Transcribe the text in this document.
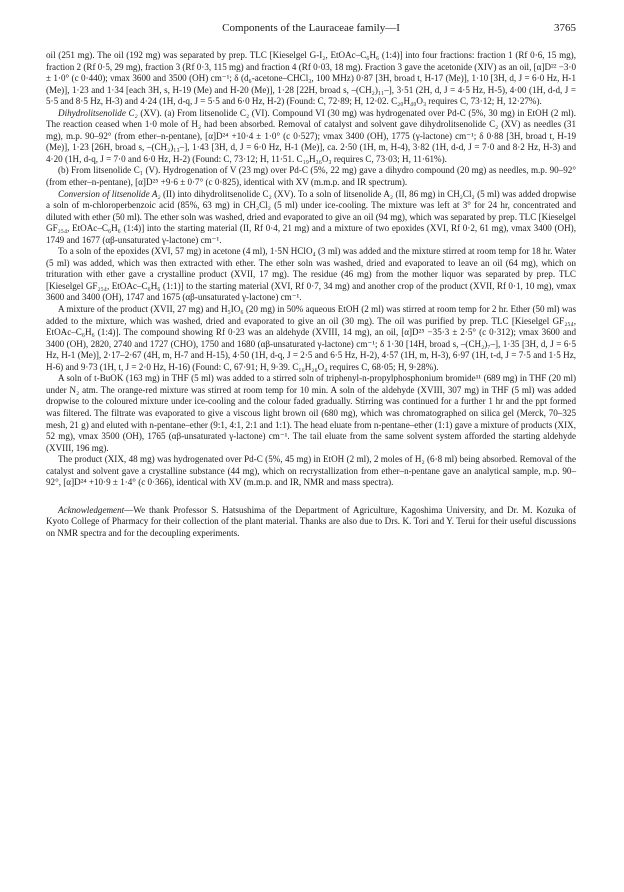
Components of the Lauraceae family—I	3765

oil (251 mg). The oil (192 mg) was separated by prep. TLC [Kieselgel G-I₂, EtOAc–C₆H₆ (1:4)] into four fractions: fraction 1 (Rf 0·6, 15 mg), fraction 2 (Rf 0·5, 29 mg), fraction 3 (Rf 0·3, 115 mg) and fraction 4 (Rf 0·03, 18 mg). Fraction 3 gave the acetonide (XIV) as an oil, [α]D²² −3·0 ± 1·0° (c 0·440); νmax 3600 and 3500 (OH) cm⁻¹; δ (d₆-acetone–CHCl₃, 100 MHz) 0·87 [3H, broad t, H-17 (Me)], 1·10 [3H, d, J = 6·0 Hz, H-1 (Me)], 1·23 and 1·34 [each 3H, s, H-19 (Me) and H-20 (Me)], 1·28 [22H, broad s, –(CH₂)₁₁–], 3·51 (2H, d, J = 4·5 Hz, H-5), 4·00 (1H, d-d, J = 5·5 and 8·5 Hz, H-3) and 4·24 (1H, d-q, J = 5·5 and 6·0 Hz, H-2) (Found: C, 72·89; H, 12·02. C₂₀H₄₀O₃ requires C, 73·12; H, 12·27%).

Dihydrolitsenolide C₂ (XV). (a) From litsenolide C₂ (VI). Compound VI (30 mg) was hydrogenated over Pd-C (5%, 30 mg) in EtOH (2 ml). The reaction ceased when 1·0 mole of H₂ had been absorbed. Removal of catalyst and solvent gave dihydrolitsenolide C₂ (XV) as needles (31 mg), m.p. 90–92° (from ether–n-pentane), [α]D²⁴ +10·4 ± 1·0° (c 0·527); νmax 3400 (OH), 1775 (γ-lactone) cm⁻¹; δ 0·88 [3H, broad t, H-19 (Me)], 1·23 [26H, broad s, –(CH₂)₁₃–], 1·43 [3H, d, J = 6·0 Hz, H-1 (Me)], ca. 2·50 (1H, m, H-4), 3·82 (1H, d-d, J = 7·0 and 8·2 Hz, H-3) and 4·20 (1H, d-q, J = 7·0 and 6·0 Hz, H-2) (Found: C, 73·12; H, 11·51. C₁₉H₃₆O₃ requires C, 73·03; H, 11·61%).

(b) From litsenolide C₁ (V). Hydrogenation of V (23 mg) over Pd-C (5%, 22 mg) gave a dihydro compound (20 mg) as needles, m.p. 90–92° (from ether–n-pentane), [α]D²⁵ +9·6 ± 0·7° (c 0·825), identical with XV (m.m.p. and IR spectrum).

Conversion of litsenolide A₂ (II) into dihydrolitsenolide C₂ (XV). To a soln of litsenolide A₂ (II, 86 mg) in CH₂Cl₂ (5 ml) was added dropwise a soln of m-chloroperbenzoic acid (85%, 63 mg) in CH₂Cl₂ (5 ml) under ice-cooling. The mixture was left at 3° for 24 hr, concentrated and diluted with ether (50 ml). The ether soln was washed, dried and evaporated to give an oil (94 mg), which was separated by prep. TLC [Kieselgel GF₂₅₄, EtOAc–C₆H₆ (1:4)] into the starting material (II, Rf 0·4, 21 mg) and a mixture of two epoxides (XVI, Rf 0·2, 61 mg), νmax 3400 (OH), 1749 and 1677 (αβ-unsaturated γ-lactone) cm⁻¹.

To a soln of the epoxides (XVI, 57 mg) in acetone (4 ml), 1·5N HClO₄ (3 ml) was added and the mixture stirred at room temp for 18 hr. Water (5 ml) was added, which was then extracted with ether. The ether soln was washed, dried and evaporated to leave an oil (64 mg), which on trituration with ether gave a crystalline product (XVII, 17 mg). The residue (46 mg) from the mother liquor was separated by prep. TLC [Kieselgel GF₂₅₄, EtOAc–C₆H₆ (1:1)] to the starting material (XVI, Rf 0·7, 34 mg) and another crop of the product (XVII, Rf 0·1, 10 mg), νmax 3600 and 3400 (OH), 1747 and 1675 (αβ-unsaturated γ-lactone) cm⁻¹.

A mixture of the product (XVII, 27 mg) and H₅IO₆ (20 mg) in 50% aqueous EtOH (2 ml) was stirred at room temp for 2 hr. Ether (50 ml) was added to the mixture, which was washed, dried and evaporated to give an oil (30 mg). The oil was purified by prep. TLC [Kieselgel GF₂₅₄, EtOAc–C₆H₆ (1:4)]. The compound showing Rf 0·23 was an aldehyde (XVIII, 14 mg), an oil, [α]D²⁵ −35·3 ± 2·5° (c 0·312); νmax 3600 and 3400 (OH), 2820, 2740 and 1727 (CHO), 1750 and 1680 (αβ-unsaturated γ-lactone) cm⁻¹; δ 1·30 [14H, broad s, –(CH₂)₇–], 1·35 [3H, d, J = 6·5 Hz, H-1 (Me)], 2·17–2·67 (4H, m, H-7 and H-15), 4·50 (1H, d-q, J = 2·5 and 6·5 Hz, H-2), 4·57 (1H, m, H-3), 6·97 (1H, t-d, J = 7·5 and 1·5 Hz, H-6) and 9·73 (1H, t, J = 2·0 Hz, H-16) (Found: C, 67·91; H, 9·39. C₁₆H₂₆O₄ requires C, 68·05; H, 9·28%).

A soln of t-BuOK (163 mg) in THF (5 ml) was added to a stirred soln of triphenyl-n-propylphosphonium bromide¹¹ (689 mg) in THF (20 ml) under N₂ atm. The orange-red mixture was stirred at room temp for 10 min. A soln of the aldehyde (XVIII, 307 mg) in THF (5 ml) was added dropwise to the coloured mixture under ice-cooling and the colour faded gradually. Stirring was continued for a further 1 hr and the ppt formed was filtered. The filtrate was evaporated to give a viscous light brown oil (680 mg), which was chromatographed on silica gel (Merck, 70–325 mesh, 21 g) and eluted with n-pentane–ether (9:1, 4:1, 2:1 and 1:1). The head eluate from n-pentane–ether (1:1) gave a mixture of products (XIX, 52 mg), νmax 3500 (OH), 1765 (αβ-unsaturated γ-lactone) cm⁻¹. The tail eluate from the same solvent system afforded the starting aldehyde (XVIII, 196 mg).

The product (XIX, 48 mg) was hydrogenated over Pd-C (5%, 45 mg) in EtOH (2 ml), 2 moles of H₂ (6·8 ml) being absorbed. Removal of the catalyst and solvent gave a crystalline substance (44 mg), which on recrystallization from ether–n-pentane gave an analytical sample, m.p. 90–92°, [α]D²⁴ +10·9 ± 1·4° (c 0·366), identical with XV (m.m.p. and IR, NMR and mass spectra).

Acknowledgement—We thank Professor S. Hatsushima of the Department of Agriculture, Kagoshima University, and Dr. M. Kozuka of Kyoto College of Pharmacy for their collection of the plant material. Thanks are also due to Drs. K. Tori and Y. Terui for their useful discussions on NMR spectra and for the decoupling experiments.
